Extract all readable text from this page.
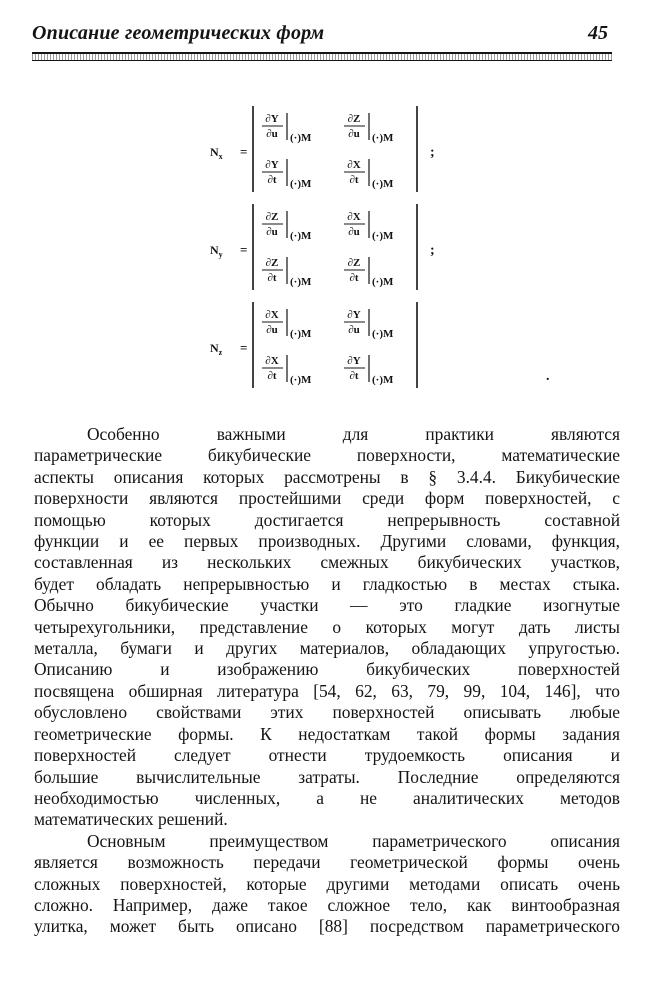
Описание геометрических форм	45
$N_x$ =
∂Y
∂u (·)M
∂Z
∂u (·)M
∂Y
∂t (·)M
∂X
∂t (·)M
;
$N_y$ =
∂Z
∂u (·)M
∂X
∂u (·)M
∂Z
∂t (·)M
∂Z
∂t (·)M
;
$N_z$ =
∂X
∂u (·)M
∂Y
∂u (·)M
∂X
∂t (·)M
∂Y
∂t (·)M	.
Особенно важными для практики являются
параметрические бикубические поверхности, математические
аспекты описания которых рассмотрены в § 3.4.4. Бикубические
поверхности являются простейшими среди форм поверхностей, с
помощью которых достигается непрерывность составной
функции и ее первых производных. Другими словами, функция,
составленная из нескольких смежных бикубических участков,
будет обладать непрерывностью и гладкостью в местах стыка.
Обычно бикубические участки — это гладкие изогнутые
четырехугольники, представление о которых могут дать листы
металла, бумаги и других материалов, обладающих упругостью.
Описанию и изображению бикубических поверхностей
посвящена обширная литература [54, 62, 63, 79, 99, 104, 146], что
обусловлено свойствами этих поверхностей описывать любые
геометрические формы. К недостаткам такой формы задания
поверхностей следует отнести трудоемкость описания и
большие вычислительные затраты. Последние определяются
необходимостью численных, а не аналитических методов
математических решений.
Основным преимуществом параметрического описания
является возможность передачи геометрической формы очень
сложных поверхностей, которые другими методами описать очень
сложно. Например, даже такое сложное тело, как винтообразная
улитка, может быть описано [88] посредством параметрического
